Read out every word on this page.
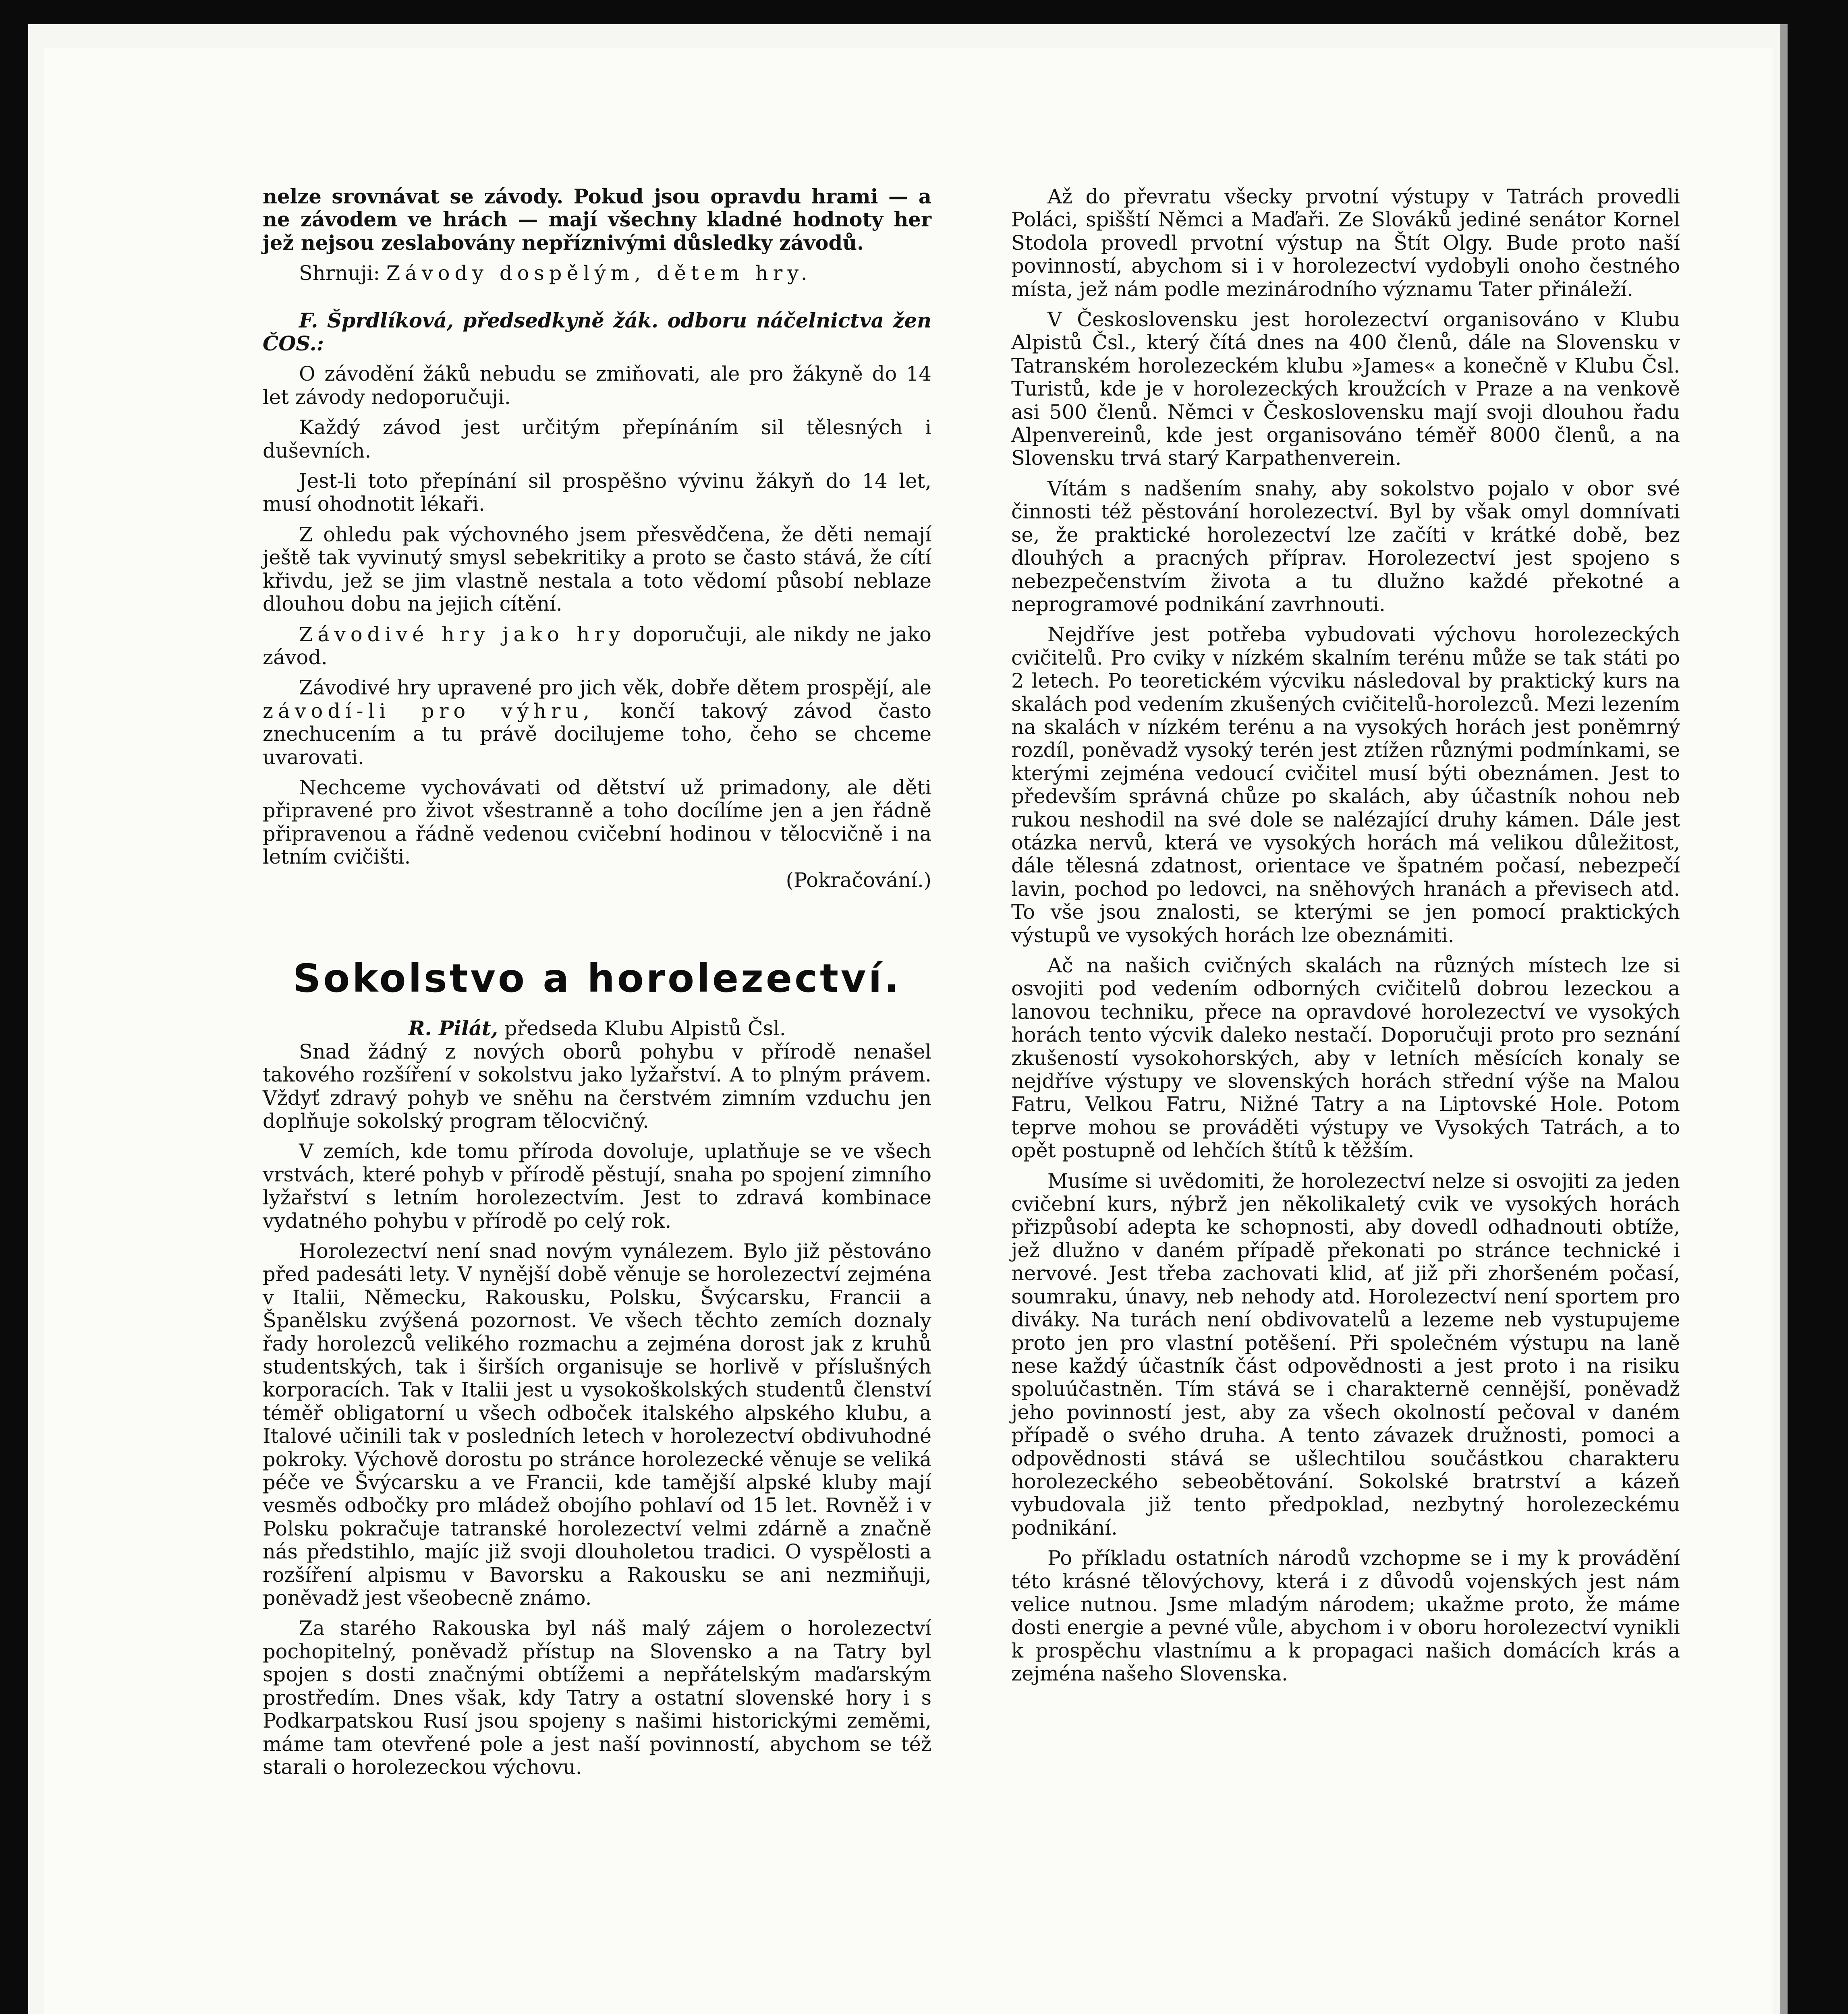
nelze srovnávat se závody. Pokud jsou opravdu hrami — a ne závodem ve hrách — mají všechny kladné hodnoty her jež nejsou zeslabovány nepříznivými důsledky závodů.

Shrnuji: Závody dospělým, dětem hry.

F. Šprdlíková, předsedkyně žák. odboru náčelnictva žen ČOS.:

O závodění žáků nebudu se zmiňovati, ale pro žákyně do 14 let závody nedoporučuji.

Každý závod jest určitým přepínáním sil tělesných i duševních.

Jest-li toto přepínání sil prospěšno vývinu žákyň do 14 let, musí ohodnotit lékaři.

Z ohledu pak výchovného jsem přesvědčena, že děti nemají ještě tak vyvinutý smysl sebekritiky a proto se často stává, že cítí křivdu, jež se jim vlastně nestala a toto vědomí působí neblaze dlouhou dobu na jejich cítění.

Závodivé hry jako hry doporučuji, ale nikdy ne jako závod.

Závodivé hry upravené pro jich věk, dobře dětem prospějí, ale závodí-li pro výhru, končí takový závod často znechucením a tu právě docilujeme toho, čeho se chceme uvarovati.

Nechceme vychovávati od dětství už primadony, ale děti připravené pro život všestranně a toho docílíme jen a jen řádně připravenou a řádně vedenou cvičební hodinou v tělocvičně i na letním cvičišti.

(Pokračování.)

Sokolstvo a horolezectví.

R. Pilát, předseda Klubu Alpistů Čsl.

Snad žádný z nových oborů pohybu v přírodě nenašel takového rozšíření v sokolstvu jako lyžařství. A to plným právem. Vždyť zdravý pohyb ve sněhu na čerstvém zimním vzduchu jen doplňuje sokolský program tělocvičný.

V zemích, kde tomu příroda dovoluje, uplatňuje se ve všech vrstvách, které pohyb v přírodě pěstují, snaha po spojení zimního lyžařství s letním horolezectvím. Jest to zdravá kombinace vydatného pohybu v přírodě po celý rok.

Horolezectví není snad novým vynálezem. Bylo již pěstováno před padesáti lety. V nynější době věnuje se horolezectví zejména v Italii, Německu, Rakousku, Polsku, Švýcarsku, Francii a Španělsku zvýšená pozornost. Ve všech těchto zemích doznaly řady horolezců velikého rozmachu a zejména dorost jak z kruhů studentských, tak i širších organisuje se horlivě v příslušných korporacích. Tak v Italii jest u vysokoškolských studentů členství téměř obligatorní u všech odboček italského alpského klubu, a Italové učinili tak v posledních letech v horolezectví obdivuhodné pokroky. Výchově dorostu po stránce horolezecké věnuje se veliká péče ve Švýcarsku a ve Francii, kde tamější alpské kluby mají vesměs odbočky pro mládež obojího pohlaví od 15 let. Rovněž i v Polsku pokračuje tatranské horolezectví velmi zdárně a značně nás předstihlo, majíc již svoji dlouholetou tradici. O vyspělosti a rozšíření alpismu v Bavorsku a Rakousku se ani nezmiňuji, poněvadž jest všeobecně známo.

Za starého Rakouska byl náš malý zájem o horolezectví pochopitelný, poněvadž přístup na Slovensko a na Tatry byl spojen s dosti značnými obtížemi a nepřátelským maďarským prostředím. Dnes však, kdy Tatry a ostatní slovenské hory i s Podkarpatskou Rusí jsou spojeny s našimi historickými zeměmi, máme tam otevřené pole a jest naší povinností, abychom se též starali o horolezeckou výchovu.

Až do převratu všecky prvotní výstupy v Tatrách provedli Poláci, spišští Němci a Maďaři. Ze Slováků jediné senátor Kornel Stodola provedl prvotní výstup na Štít Olgy. Bude proto naší povinností, abychom si i v horolezectví vydobyli onoho čestného místa, jež nám podle mezinárodního významu Tater přináleží.

V Československu jest horolezectví organisováno v Klubu Alpistů Čsl., který čítá dnes na 400 členů, dále na Slovensku v Tatranském horolezeckém klubu »James« a konečně v Klubu Čsl. Turistů, kde je v horolezeckých kroužcích v Praze a na venkově asi 500 členů. Němci v Československu mají svoji dlouhou řadu Alpenvereinů, kde jest organisováno téměř 8000 členů, a na Slovensku trvá starý Karpathenverein.

Vítám s nadšením snahy, aby sokolstvo pojalo v obor své činnosti též pěstování horolezectví. Byl by však omyl domnívati se, že praktické horolezectví lze začíti v krátké době, bez dlouhých a pracných příprav. Horolezectví jest spojeno s nebezpečenstvím života a tu dlužno každé překotné a neprogramové podnikání zavrhnouti.

Nejdříve jest potřeba vybudovati výchovu horolezeckých cvičitelů. Pro cviky v nízkém skalním terénu může se tak státi po 2 letech. Po teoretickém výcviku následoval by praktický kurs na skalách pod vedením zkušených cvičitelů-horolezců. Mezi lezením na skalách v nízkém terénu a na vysokých horách jest poněmrný rozdíl, poněvadž vysoký terén jest ztížen různými podmínkami, se kterými zejména vedoucí cvičitel musí býti obeznámen. Jest to především správná chůze po skalách, aby účastník nohou neb rukou neshodil na své dole se nalézající druhy kámen. Dále jest otázka nervů, která ve vysokých horách má velikou důležitost, dále tělesná zdatnost, orientace ve špatném počasí, nebezpečí lavin, pochod po ledovci, na sněhových hranách a převisech atd. To vše jsou znalosti, se kterými se jen pomocí praktických výstupů ve vysokých horách lze obeznámiti.

Ač na našich cvičných skalách na různých místech lze si osvojiti pod vedením odborných cvičitelů dobrou lezeckou a lanovou techniku, přece na opravdové horolezectví ve vysokých horách tento výcvik daleko nestačí. Doporučuji proto pro seznání zkušeností vysokohorských, aby v letních měsících konaly se nejdříve výstupy ve slovenských horách střední výše na Malou Fatru, Velkou Fatru, Nižné Tatry a na Liptovské Hole. Potom teprve mohou se prováděti výstupy ve Vysokých Tatrách, a to opět postupně od lehčích štítů k těžším.

Musíme si uvědomiti, že horolezectví nelze si osvojiti za jeden cvičební kurs, nýbrž jen několikaletý cvik ve vysokých horách přizpůsobí adepta ke schopnosti, aby dovedl odhadnouti obtíže, jež dlužno v daném případě překonati po stránce technické i nervové. Jest třeba zachovati klid, ať již při zhoršeném počasí, soumraku, únavy, neb nehody atd. Horolezectví není sportem pro diváky. Na turách není obdivovatelů a lezeme neb vystupujeme proto jen pro vlastní potěšení. Při společném výstupu na laně nese každý účastník část odpovědnosti a jest proto i na risiku spoluúčastněn. Tím stává se i charakterně cennější, poněvadž jeho povinností jest, aby za všech okolností pečoval v daném případě o svého druha. A tento závazek družnosti, pomoci a odpovědnosti stává se ušlechtilou součástkou charakteru horolezeckého sebeobětování. Sokolské bratrství a kázeň vybudovala již tento předpoklad, nezbytný horolezeckému podnikání.

Po příkladu ostatních národů vzchopme se i my k provádění této krásné tělovýchovy, která i z důvodů vojenských jest nám velice nutnou. Jsme mladým národem; ukažme proto, že máme dosti energie a pevné vůle, abychom i v oboru horolezectví vynikli k prospěchu vlastnímu a k propagaci našich domácích krás a zejména našeho Slovenska.
